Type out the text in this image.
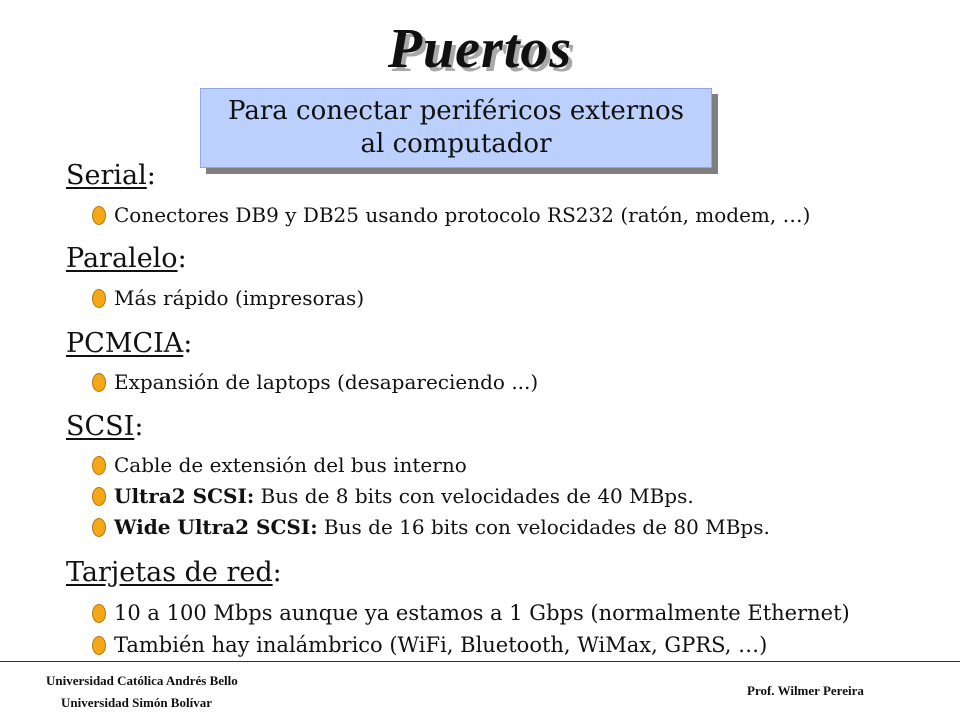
Puertos
Para conectar periféricos externos
al computador
Serial:
Conectores DB9 y DB25 usando protocolo RS232 (ratón, modem, …)
Paralelo:
Más rápido (impresoras)
PCMCIA:
Expansión de laptops (desapareciendo ...)
SCSI:
Cable de extensión del bus interno
Ultra2 SCSI: Bus de 8 bits con velocidades de 40 MBps.
Wide Ultra2 SCSI: Bus de 16 bits con velocidades de 80 MBps.
Tarjetas de red:
10 a 100 Mbps aunque ya estamos a 1 Gbps (normalmente Ethernet)
También hay inalámbrico (WiFi, Bluetooth, WiMax, GPRS, …)
Universidad Católica Andrés Bello
Universidad Simón Bolívar
Prof. Wilmer Pereira
